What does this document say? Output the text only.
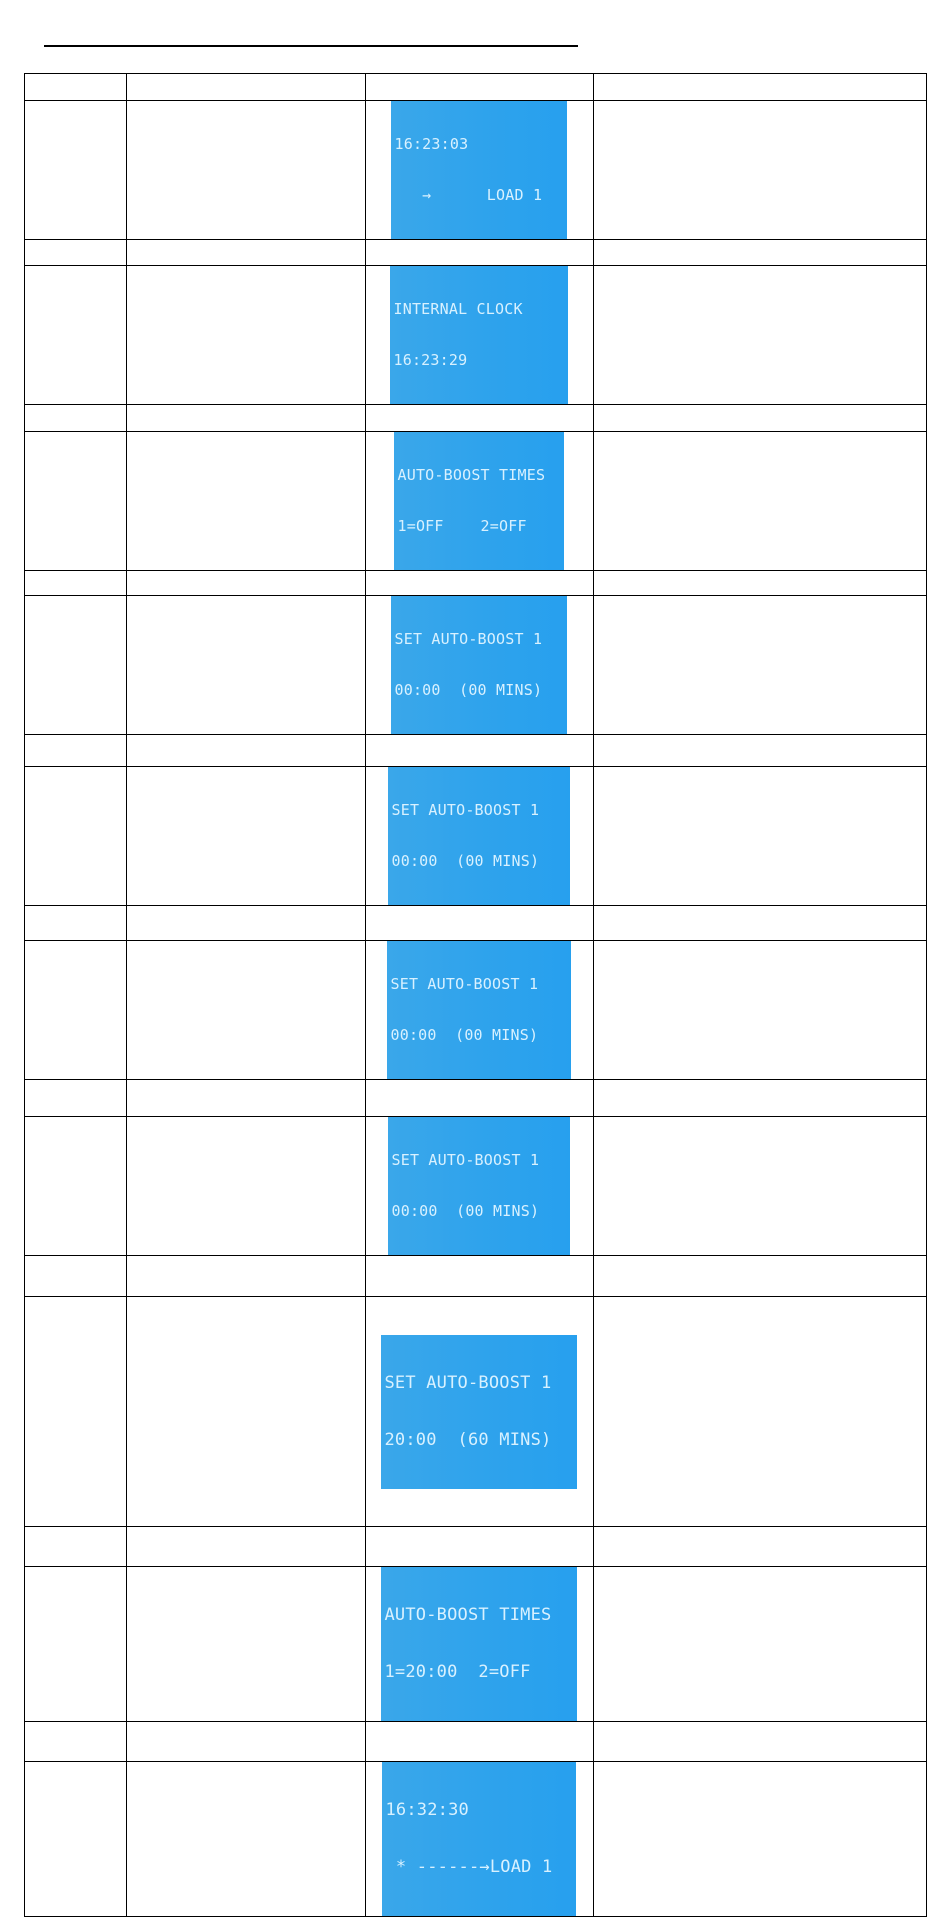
		16:23:03

→      LOAD 1	

		INTERNAL CLOCK

16:23:29	

		AUTO-BOOST TIMES

1=OFF    2=OFF	

		SET AUTO-BOOST 1

00:00  (00 MINS)	

		SET AUTO-BOOST 1

00:00  (00 MINS)	

		SET AUTO-BOOST 1

00:00  (00 MINS)	

		SET AUTO-BOOST 1

00:00  (00 MINS)	

		SET AUTO-BOOST 1

20:00  (60 MINS)	

		AUTO-BOOST TIMES

1=20:00  2=OFF	

		16:32:30

* ------→LOAD 1	
